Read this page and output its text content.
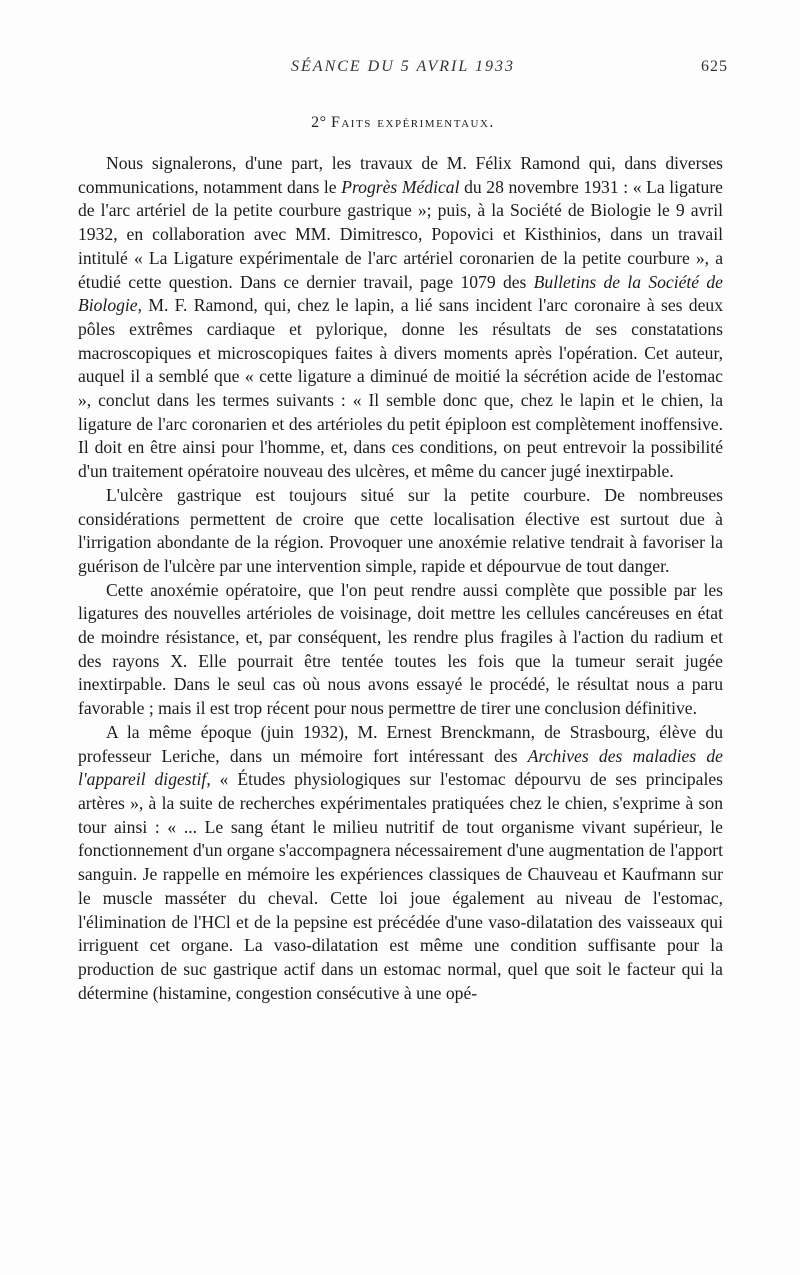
SÉANCE DU 5 AVRIL 1933	625
2° Faits expérimentaux.

Nous signalerons, d'une part, les travaux de M. Félix Ramond qui, dans diverses communications, notamment dans le Progrès Médical du 28 novembre 1931 : « La ligature de l'arc artériel de la petite courbure gastrique »; puis, à la Société de Biologie le 9 avril 1932, en collaboration avec MM. Dimitresco, Popovici et Kisthinios, dans un travail intitulé « La Ligature expérimentale de l'arc artériel coronarien de la petite courbure », a étudié cette question. Dans ce dernier travail, page 1079 des Bulletins de la Société de Biologie, M. F. Ramond, qui, chez le lapin, a lié sans incident l'arc coronaire à ses deux pôles extrêmes cardiaque et pylorique, donne les résultats de ses constatations macroscopiques et microscopiques faites à divers moments après l'opération. Cet auteur, auquel il a semblé que « cette ligature a diminué de moitié la sécrétion acide de l'estomac », conclut dans les termes suivants : « Il semble donc que, chez le lapin et le chien, la ligature de l'arc coronarien et des artérioles du petit épiploon est complètement inoffensive. Il doit en être ainsi pour l'homme, et, dans ces conditions, on peut entrevoir la possibilité d'un traitement opératoire nouveau des ulcères, et même du cancer jugé inextirpable.

L'ulcère gastrique est toujours situé sur la petite courbure. De nombreuses considérations permettent de croire que cette localisation élective est surtout due à l'irrigation abondante de la région. Provoquer une anoxémie relative tendrait à favoriser la guérison de l'ulcère par une intervention simple, rapide et dépourvue de tout danger.

Cette anoxémie opératoire, que l'on peut rendre aussi complète que possible par les ligatures des nouvelles artérioles de voisinage, doit mettre les cellules cancéreuses en état de moindre résistance, et, par conséquent, les rendre plus fragiles à l'action du radium et des rayons X. Elle pourrait être tentée toutes les fois que la tumeur serait jugée inextirpable. Dans le seul cas où nous avons essayé le procédé, le résultat nous a paru favorable ; mais il est trop récent pour nous permettre de tirer une conclusion définitive.

A la même époque (juin 1932), M. Ernest Brenckmann, de Strasbourg, élève du professeur Leriche, dans un mémoire fort intéressant des Archives des maladies de l'appareil digestif, « Études physiologiques sur l'estomac dépourvu de ses principales artères », à la suite de recherches expérimentales pratiquées chez le chien, s'exprime à son tour ainsi : « ... Le sang étant le milieu nutritif de tout organisme vivant supérieur, le fonctionnement d'un organe s'accompagnera nécessairement d'une augmentation de l'apport sanguin. Je rappelle en mémoire les expériences classiques de Chauveau et Kaufmann sur le muscle masséter du cheval. Cette loi joue également au niveau de l'estomac, l'élimination de l'HCl et de la pepsine est précédée d'une vaso-dilatation des vaisseaux qui irriguent cet organe. La vaso-dilatation est même une condition suffisante pour la production de suc gastrique actif dans un estomac normal, quel que soit le facteur qui la détermine (histamine, congestion consécutive à une opé-
